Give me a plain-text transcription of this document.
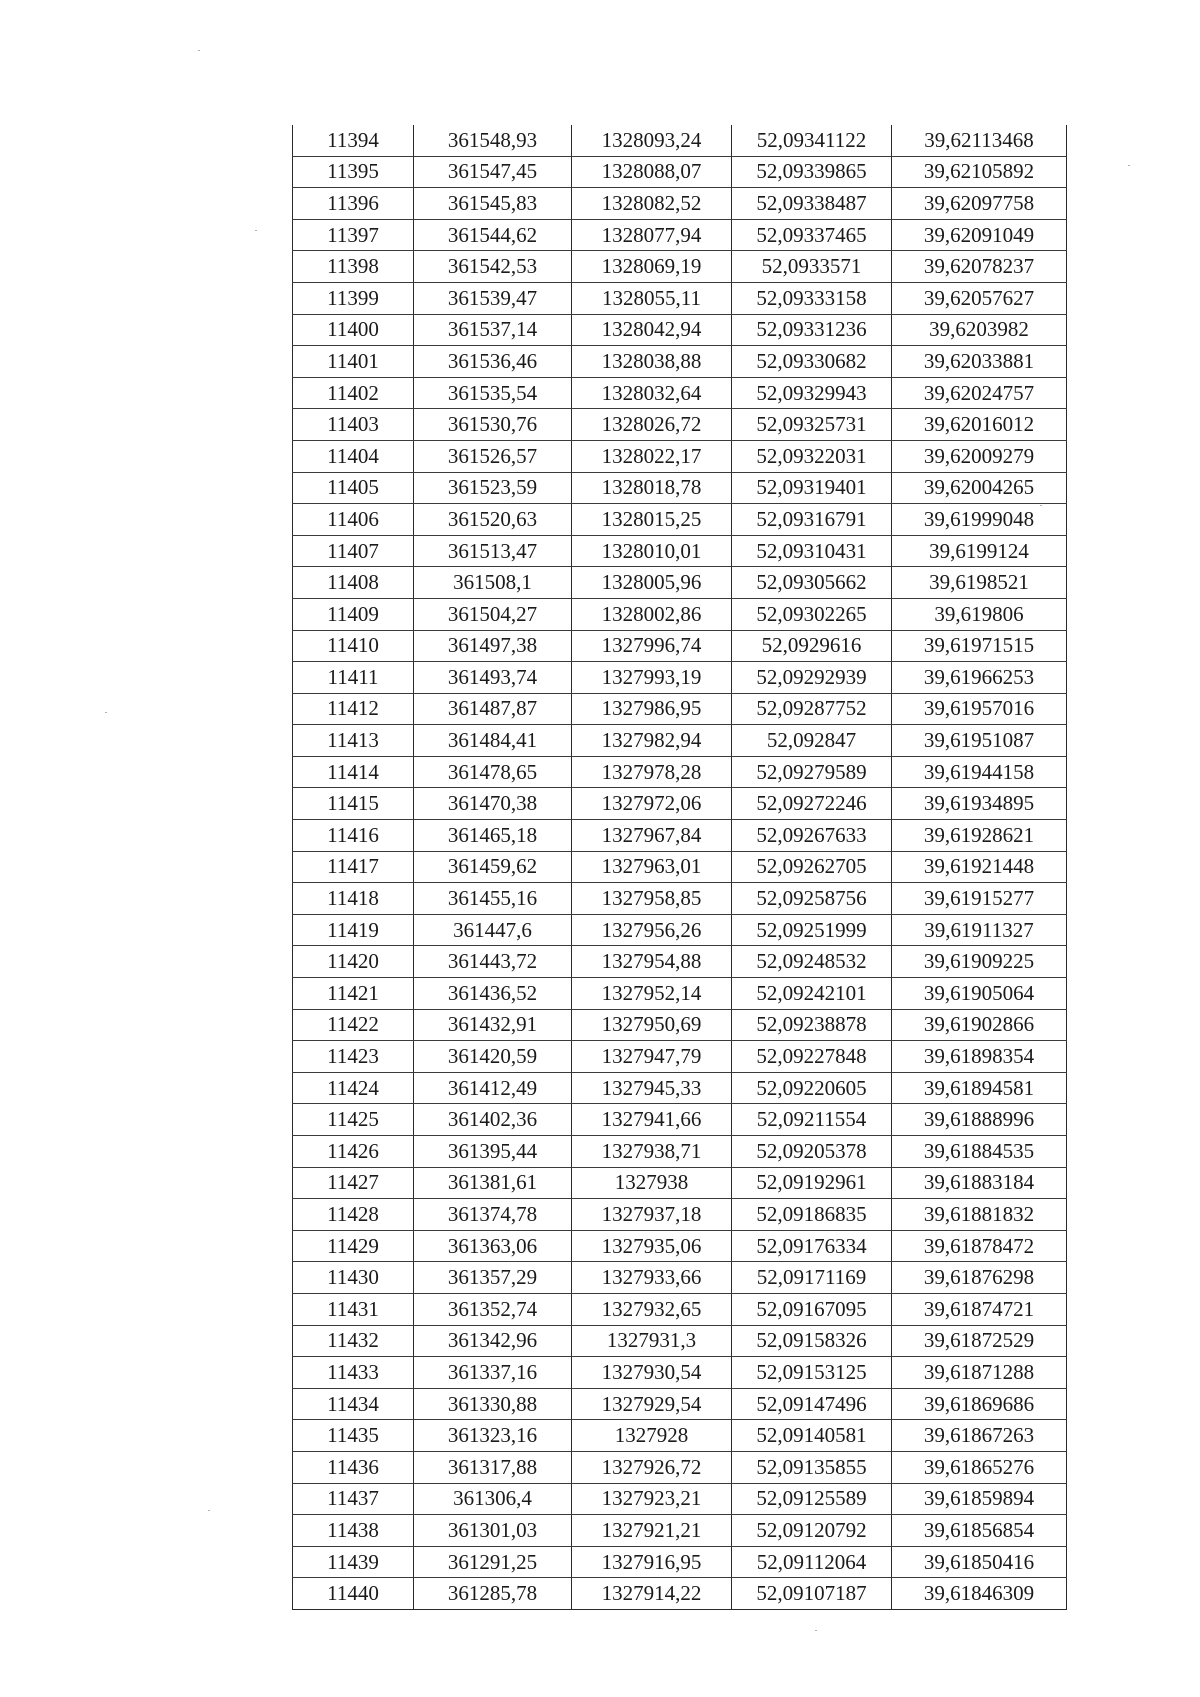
11394	361548,93	1328093,24	52,09341122	39,62113468
11395	361547,45	1328088,07	52,09339865	39,62105892
11396	361545,83	1328082,52	52,09338487	39,62097758
11397	361544,62	1328077,94	52,09337465	39,62091049
11398	361542,53	1328069,19	52,0933571	39,62078237
11399	361539,47	1328055,11	52,09333158	39,62057627
11400	361537,14	1328042,94	52,09331236	39,6203982
11401	361536,46	1328038,88	52,09330682	39,62033881
11402	361535,54	1328032,64	52,09329943	39,62024757
11403	361530,76	1328026,72	52,09325731	39,62016012
11404	361526,57	1328022,17	52,09322031	39,62009279
11405	361523,59	1328018,78	52,09319401	39,62004265
11406	361520,63	1328015,25	52,09316791	39,61999048
11407	361513,47	1328010,01	52,09310431	39,6199124
11408	361508,1	1328005,96	52,09305662	39,6198521
11409	361504,27	1328002,86	52,09302265	39,619806
11410	361497,38	1327996,74	52,0929616	39,61971515
11411	361493,74	1327993,19	52,09292939	39,61966253
11412	361487,87	1327986,95	52,09287752	39,61957016
11413	361484,41	1327982,94	52,092847	39,61951087
11414	361478,65	1327978,28	52,09279589	39,61944158
11415	361470,38	1327972,06	52,09272246	39,61934895
11416	361465,18	1327967,84	52,09267633	39,61928621
11417	361459,62	1327963,01	52,09262705	39,61921448
11418	361455,16	1327958,85	52,09258756	39,61915277
11419	361447,6	1327956,26	52,09251999	39,61911327
11420	361443,72	1327954,88	52,09248532	39,61909225
11421	361436,52	1327952,14	52,09242101	39,61905064
11422	361432,91	1327950,69	52,09238878	39,61902866
11423	361420,59	1327947,79	52,09227848	39,61898354
11424	361412,49	1327945,33	52,09220605	39,61894581
11425	361402,36	1327941,66	52,09211554	39,61888996
11426	361395,44	1327938,71	52,09205378	39,61884535
11427	361381,61	1327938	52,09192961	39,61883184
11428	361374,78	1327937,18	52,09186835	39,61881832
11429	361363,06	1327935,06	52,09176334	39,61878472
11430	361357,29	1327933,66	52,09171169	39,61876298
11431	361352,74	1327932,65	52,09167095	39,61874721
11432	361342,96	1327931,3	52,09158326	39,61872529
11433	361337,16	1327930,54	52,09153125	39,61871288
11434	361330,88	1327929,54	52,09147496	39,61869686
11435	361323,16	1327928	52,09140581	39,61867263
11436	361317,88	1327926,72	52,09135855	39,61865276
11437	361306,4	1327923,21	52,09125589	39,61859894
11438	361301,03	1327921,21	52,09120792	39,61856854
11439	361291,25	1327916,95	52,09112064	39,61850416
11440	361285,78	1327914,22	52,09107187	39,61846309
